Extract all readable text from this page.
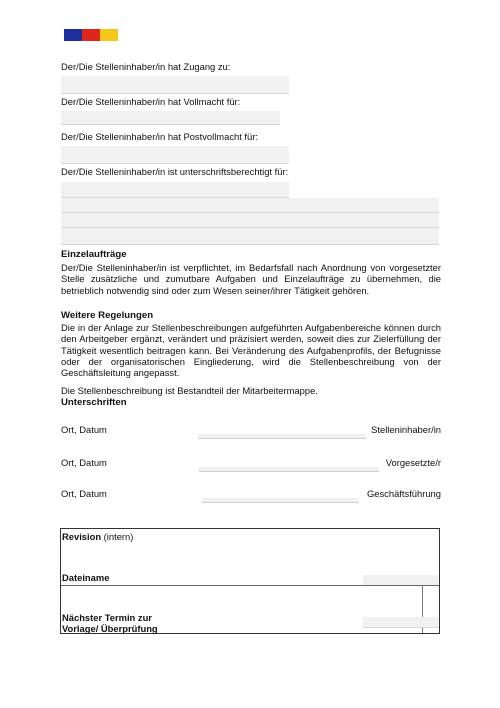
Der/Die Stelleninhaber/in hat Zugang zu:
Der/Die Stelleninhaber/in hat Vollmacht für:
Der/Die Stelleninhaber/in hat Postvollmacht für:
Der/Die Stelleninhaber/in ist unterschriftsberechtigt für:
Einzelaufträge
Der/Die Stelleninhaber/in ist verpflichtet, im Bedarfsfall nach Anordnung von vorgesetzter Stelle zusätzliche und zumutbare Aufgaben und Einzelaufträge zu übernehmen, die betrieblich notwendig sind oder zum Wesen seiner/ihrer Tätigkeit gehören.
Weitere Regelungen
Die in der Anlage zur Stellenbeschreibungen aufgeführten Aufgabenbereiche können durch den Arbeitgeber ergänzt, verändert und präzisiert werden, soweit dies zur Zielerfüllung der Tätigkeit wesentlich beitragen kann. Bei Veränderung des Aufgabenprofils, der Befugnisse oder der organisatorischen Eingliederung, wird die Stellenbeschreibung von der Geschäftsleitung angepasst.
Die Stellenbeschreibung ist Bestandteil der Mitarbeitermappe.
Unterschriften
Ort, Datum	Stelleninhaber/in
Ort, Datum	Vorgesetzte/r
Ort, Datum	Geschäftsführung
Revision (intern)
Dateiname
Nächster Termin zur
Vorlage/ Überprüfung
